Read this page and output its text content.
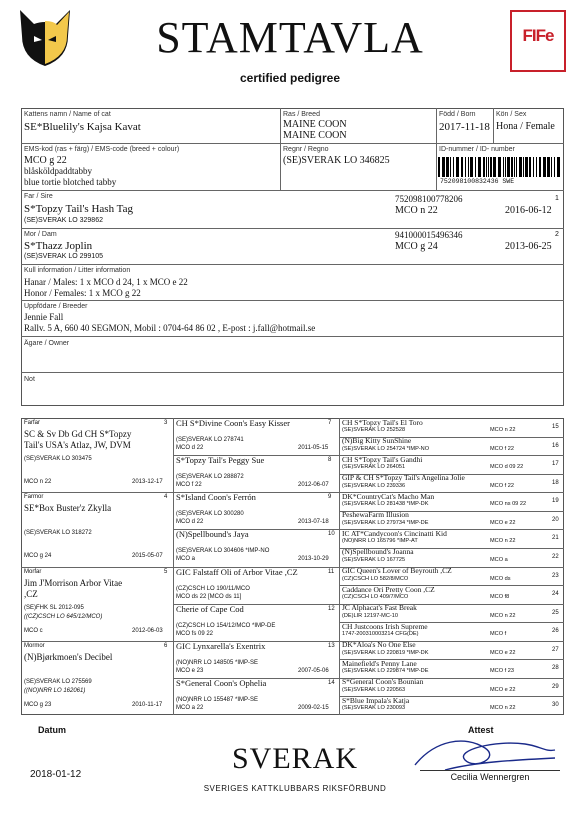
STAMTAVLA
certified pedigree
FIFe
Kattens namn / Name of cat
SE*Bluelily's Kajsa Kavat
Ras / Breed
MAINE COON
MAINE COON
Född / Born
2017-11-18
Kön / Sex
Hona / Female
EMS-kod (ras + färg) / EMS-code (breed + colour)
MCO g 22
blåsköldpaddtabby
blue tortie blotched tabby
Regnr / Regno
(SE)SVERAK LO 346825
ID-nummer / ID- number
752098100832436 SWE
Far / Sire
S*Topzy Tail's Hash Tag
(SE)SVERAK LO 329862
752098100778206
MCO n 22	2016-06-12
1
Mor / Dam
S*Thazz Joplin
(SE)SVERAK LO 299105
941000015496346
MCO g 24	2013-06-25
2
Kull information / Litter information
Hanar / Males: 1 x MCO d 24, 1 x MCO e 22
Honor / Females: 1 x MCO g 22
Uppfödare / Breeder
Jennie Fall
Rallv. 5 A, 660 40 SEGMON, Mobil : 0704-64 86 02 , E-post : j.fall@hotmail.se
Ägare / Owner
Not
Farfar
SC & Sv Db Gd CH S*Topzy
Tail's USA's Atlaz, JW, DVM
(SE)SVERAK LO 303475
MCO n 22	2013-12-17
3
Farmor
SE*Box Buster'z Zkylla
(SE)SVERAK LO 318272
MCO g 24	2015-05-07
4
Morfar
Jim J'Morrison Arbor Vitae
,CZ
(SE)FHK SL 2012-095
((CZ)CSCH LO 645/12/MCO)
MCO c	2012-06-03
5
Mormor
(N)Bjørkmoen's Decibel
(SE)SVERAK LO 275569
((NO)NRR LO 162061)
MCO g 23	2010-11-17
6
CH S*Divine Coon's Easy Kisser
(SE)SVERAK LO 278741
MCO d 22	2011-05-15
7
S*Topzy Tail's Peggy Sue
(SE)SVERAK LO 288872
MCO f 22	2012-06-07
8
S*Island Coon's Ferrón
(SE)SVERAK LO 300280
MCO d 22	2013-07-18
9
(N)Spellbound's Jaya
(SE)SVERAK LO 304606 *IMP-NO
MCO a	2013-10-29
10
GIC Falstaff Oli of Arbor Vitae ,CZ
(CZ)CSCH LO 190/11/MCO
MCO ds 22 [MCO ds 11]
11
Cherie of Cape Cod
(CZ)CSCH LO 154/12/MCO *IMP-DE
MCO fs 09 22
12
GIC Lynxarella's Exentrix
(NO)NRR LO 148505 *IMP-SE
MCO e 23	2007-05-06
13
S*General Coon's Ophelia
(NO)NRR LO 155487 *IMP-SE
MCO a 22	2009-02-15
14
CH S*Topzy Tail's El Toro
(SE)SVERAK LO 252528	MCO n 22	15
(N)Big Kitty SunShine
(SE)SVERAK LO 254724 *IMP-NO	MCO f 22	16
CH S*Topzy Tail's Gandhi
(SE)SVERAK LO 264051	MCO d 09 22	17
GIP & CH S*Topzy Tail's Angelina Jolie
(SE)SVERAK LO 239336	MCO f 22	18
DK*CountryCat's Macho Man
(SE)SVERAK LO 281438 *IMP-DK	MCO ns 09 22	19
PeshewaFarm Illusion
(SE)SVERAK LO 279734 *IMP-DE	MCO e 22	20
IC AT*Candycoon's Cincinatti Kid
(NO)NRR LO 165796 *IMP-AT	MCO n 22	21
(N)Spellbound's Joanna
(SE)SVERAK LO 167725	MCO a	22
GIC Queen's Lover of Beyrouth ,CZ
(CZ)CSCH LO 582/8/MCO	MCO ds	23
Caddance Ori Pretty Coon ,CZ
(CZ)CSCH LO 409/7/MCO	MCO f8	24
JC Alphacat's Fast Break
(DE)LIR 12197-MC-10	MCO n 22	25
CH Justcoons Irish Supreme
1747-200310003214 CFG(DE)	MCO f	26
DK*Aloa's No One Else
(SE)SVERAK LO 220819 *IMP-DK	MCO e 22	27
Mainefield's Penny Lane
(SE)SVERAK LO 229874 *IMP-DE	MCO f 23	28
S*General Coon's Bounian
(SE)SVERAK LO 220563	MCO e 22	29
S*Blue Impala's Katja
(SE)SVERAK LO 230093	MCO n 22	30
Datum
2018-01-12	SVERAK
SVERIGES KATTKLUBBARS RIKSFÖRBUND
Attest
Cecilia Wennergren
